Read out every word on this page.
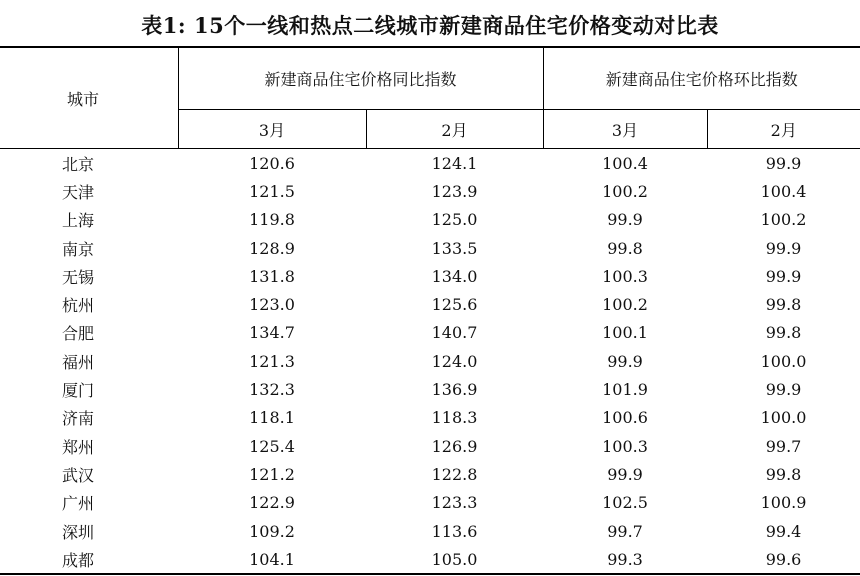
表1: 15个一线和热点二线城市新建商品住宅价格变动对比表
城市	新建商品住宅价格同比指数		新建商品住宅价格环比指数	
	3月	2月	3月	2月
北京	120.6	124.1	100.4	99.9
天津	121.5	123.9	100.2	100.4
上海	119.8	125.0	99.9	100.2
南京	128.9	133.5	99.8	99.9
无锡	131.8	134.0	100.3	99.9
杭州	123.0	125.6	100.2	99.8
合肥	134.7	140.7	100.1	99.8
福州	121.3	124.0	99.9	100.0
厦门	132.3	136.9	101.9	99.9
济南	118.1	118.3	100.6	100.0
郑州	125.4	126.9	100.3	99.7
武汉	121.2	122.8	99.9	99.8
广州	122.9	123.3	102.5	100.9
深圳	109.2	113.6	99.7	99.4
成都	104.1	105.0	99.3	99.6
